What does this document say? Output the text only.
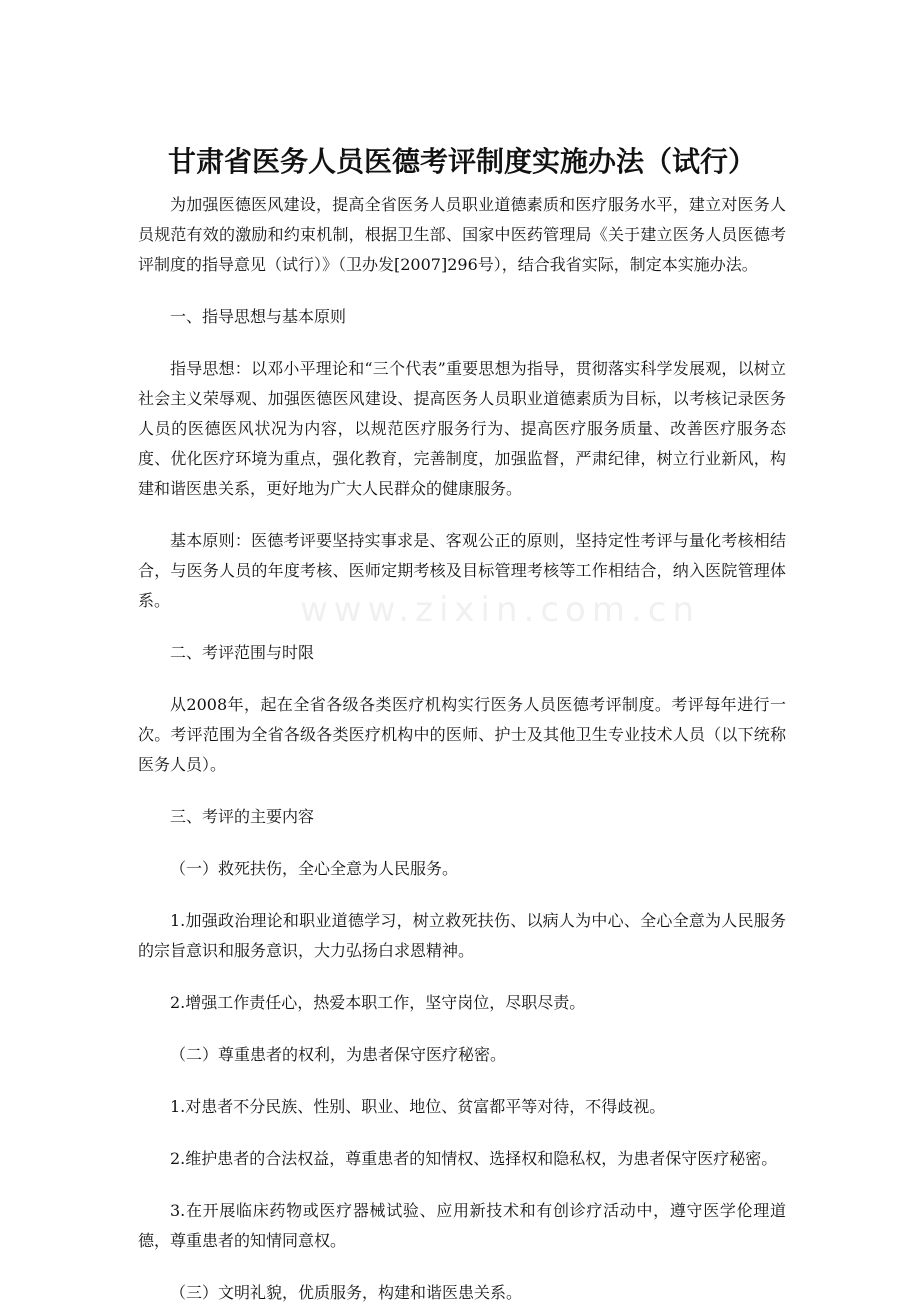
甘肃省医务人员医德考评制度实施办法（试行）

为加强医德医风建设，提高全省医务人员职业道德素质和医疗服务水平，建立对医务人员规范有效的激励和约束机制，根据卫生部、国家中医药管理局《关于建立医务人员医德考评制度的指导意见（试行）》（卫办发[2007]296号），结合我省实际，制定本实施办法。

一、指导思想与基本原则

指导思想：以邓小平理论和“三个代表”重要思想为指导，贯彻落实科学发展观，以树立社会主义荣辱观、加强医德医风建设、提高医务人员职业道德素质为目标，以考核记录医务人员的医德医风状况为内容，以规范医疗服务行为、提高医疗服务质量、改善医疗服务态度、优化医疗环境为重点，强化教育，完善制度，加强监督，严肃纪律，树立行业新风，构建和谐医患关系，更好地为广大人民群众的健康服务。

基本原则：医德考评要坚持实事求是、客观公正的原则，坚持定性考评与量化考核相结合，与医务人员的年度考核、医师定期考核及目标管理考核等工作相结合，纳入医院管理体系。

二、考评范围与时限

从2008年，起在全省各级各类医疗机构实行医务人员医德考评制度。考评每年进行一次。考评范围为全省各级各类医疗机构中的医师、护士及其他卫生专业技术人员（以下统称医务人员）。

三、考评的主要内容

（一）救死扶伤，全心全意为人民服务。

1.加强政治理论和职业道德学习，树立救死扶伤、以病人为中心、全心全意为人民服务的宗旨意识和服务意识，大力弘扬白求恩精神。

2.增强工作责任心，热爱本职工作，坚守岗位，尽职尽责。

（二）尊重患者的权利，为患者保守医疗秘密。

1.对患者不分民族、性别、职业、地位、贫富都平等对待，不得歧视。

2.维护患者的合法权益，尊重患者的知情权、选择权和隐私权，为患者保守医疗秘密。

3.在开展临床药物或医疗器械试验、应用新技术和有创诊疗活动中，遵守医学伦理道德，尊重患者的知情同意权。

（三）文明礼貌，优质服务，构建和谐医患关系。

www.zixin.com.cn
